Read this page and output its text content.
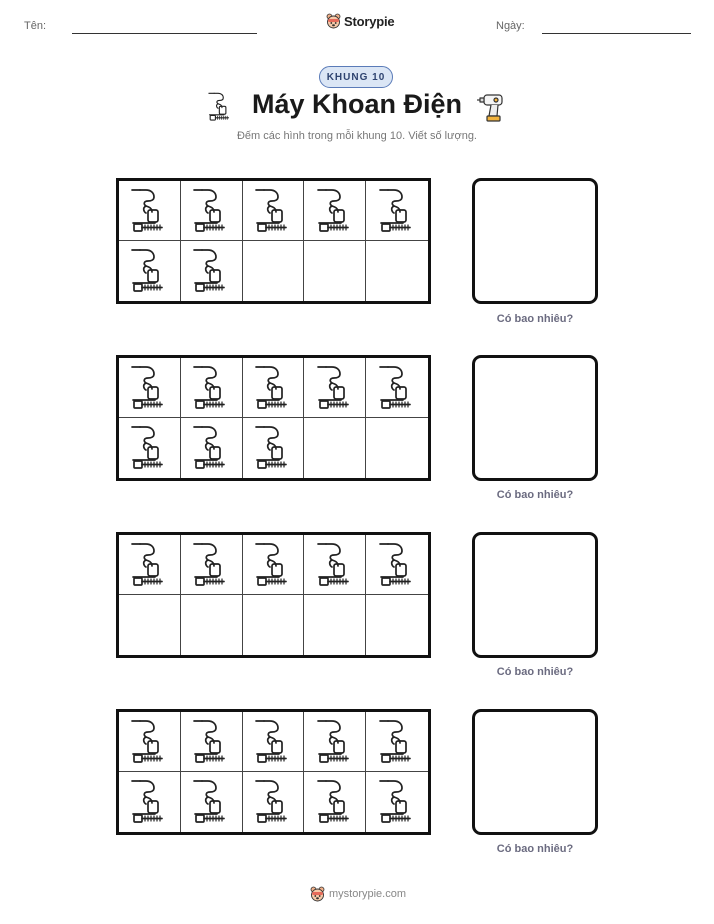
Tên:	Storypie	Ngày:
KHUNG 10
Máy Khoan Điện
Đếm các hình trong mỗi khung 10. Viết số lượng.
Có bao nhiêu?
Có bao nhiêu?
Có bao nhiêu?
Có bao nhiêu?
mystorypie.com
